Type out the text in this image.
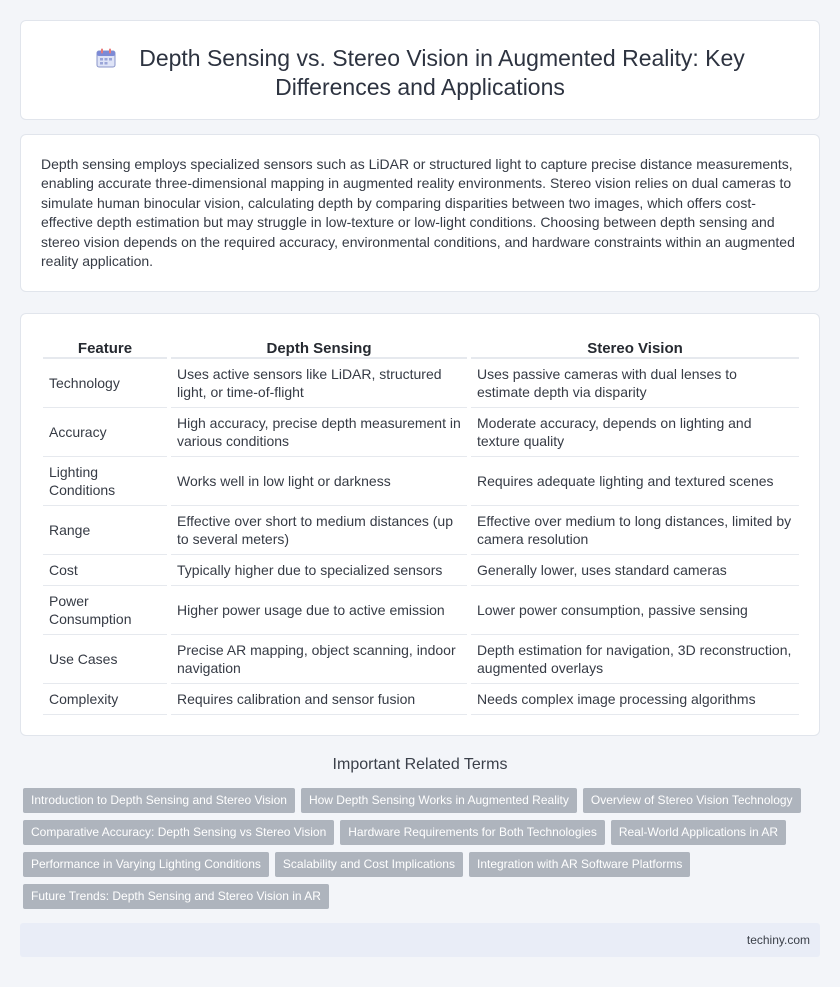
Depth Sensing vs. Stereo Vision in Augmented Reality: Key
Differences and Applications

Depth sensing employs specialized sensors such as LiDAR or structured light to capture precise distance measurements, enabling accurate three-dimensional mapping in augmented reality environments. Stereo vision relies on dual cameras to simulate human binocular vision, calculating depth by comparing disparities between two images, which offers cost-effective depth estimation but may struggle in low-texture or low-light conditions. Choosing between depth sensing and stereo vision depends on the required accuracy, environmental conditions, and hardware constraints within an augmented reality application.

Feature	Depth Sensing	Stereo Vision
Technology	Uses active sensors like LiDAR, structured light, or time-of-flight	Uses passive cameras with dual lenses to estimate depth via disparity
Accuracy	High accuracy, precise depth measurement in various conditions	Moderate accuracy, depends on lighting and texture quality
Lighting Conditions	Works well in low light or darkness	Requires adequate lighting and textured scenes
Range	Effective over short to medium distances (up to several meters)	Effective over medium to long distances, limited by camera resolution
Cost	Typically higher due to specialized sensors	Generally lower, uses standard cameras
Power Consumption	Higher power usage due to active emission	Lower power consumption, passive sensing
Use Cases	Precise AR mapping, object scanning, indoor navigation	Depth estimation for navigation, 3D reconstruction, augmented overlays
Complexity	Requires calibration and sensor fusion	Needs complex image processing algorithms
Important Related Terms
Introduction to Depth Sensing and Stereo Vision How Depth Sensing Works in Augmented Reality Overview of Stereo Vision Technology
Comparative Accuracy: Depth Sensing vs Stereo Vision Hardware Requirements for Both Technologies Real-World Applications in AR
Performance in Varying Lighting Conditions Scalability and Cost Implications Integration with AR Software Platforms
Future Trends: Depth Sensing and Stereo Vision in AR
techiny.com
